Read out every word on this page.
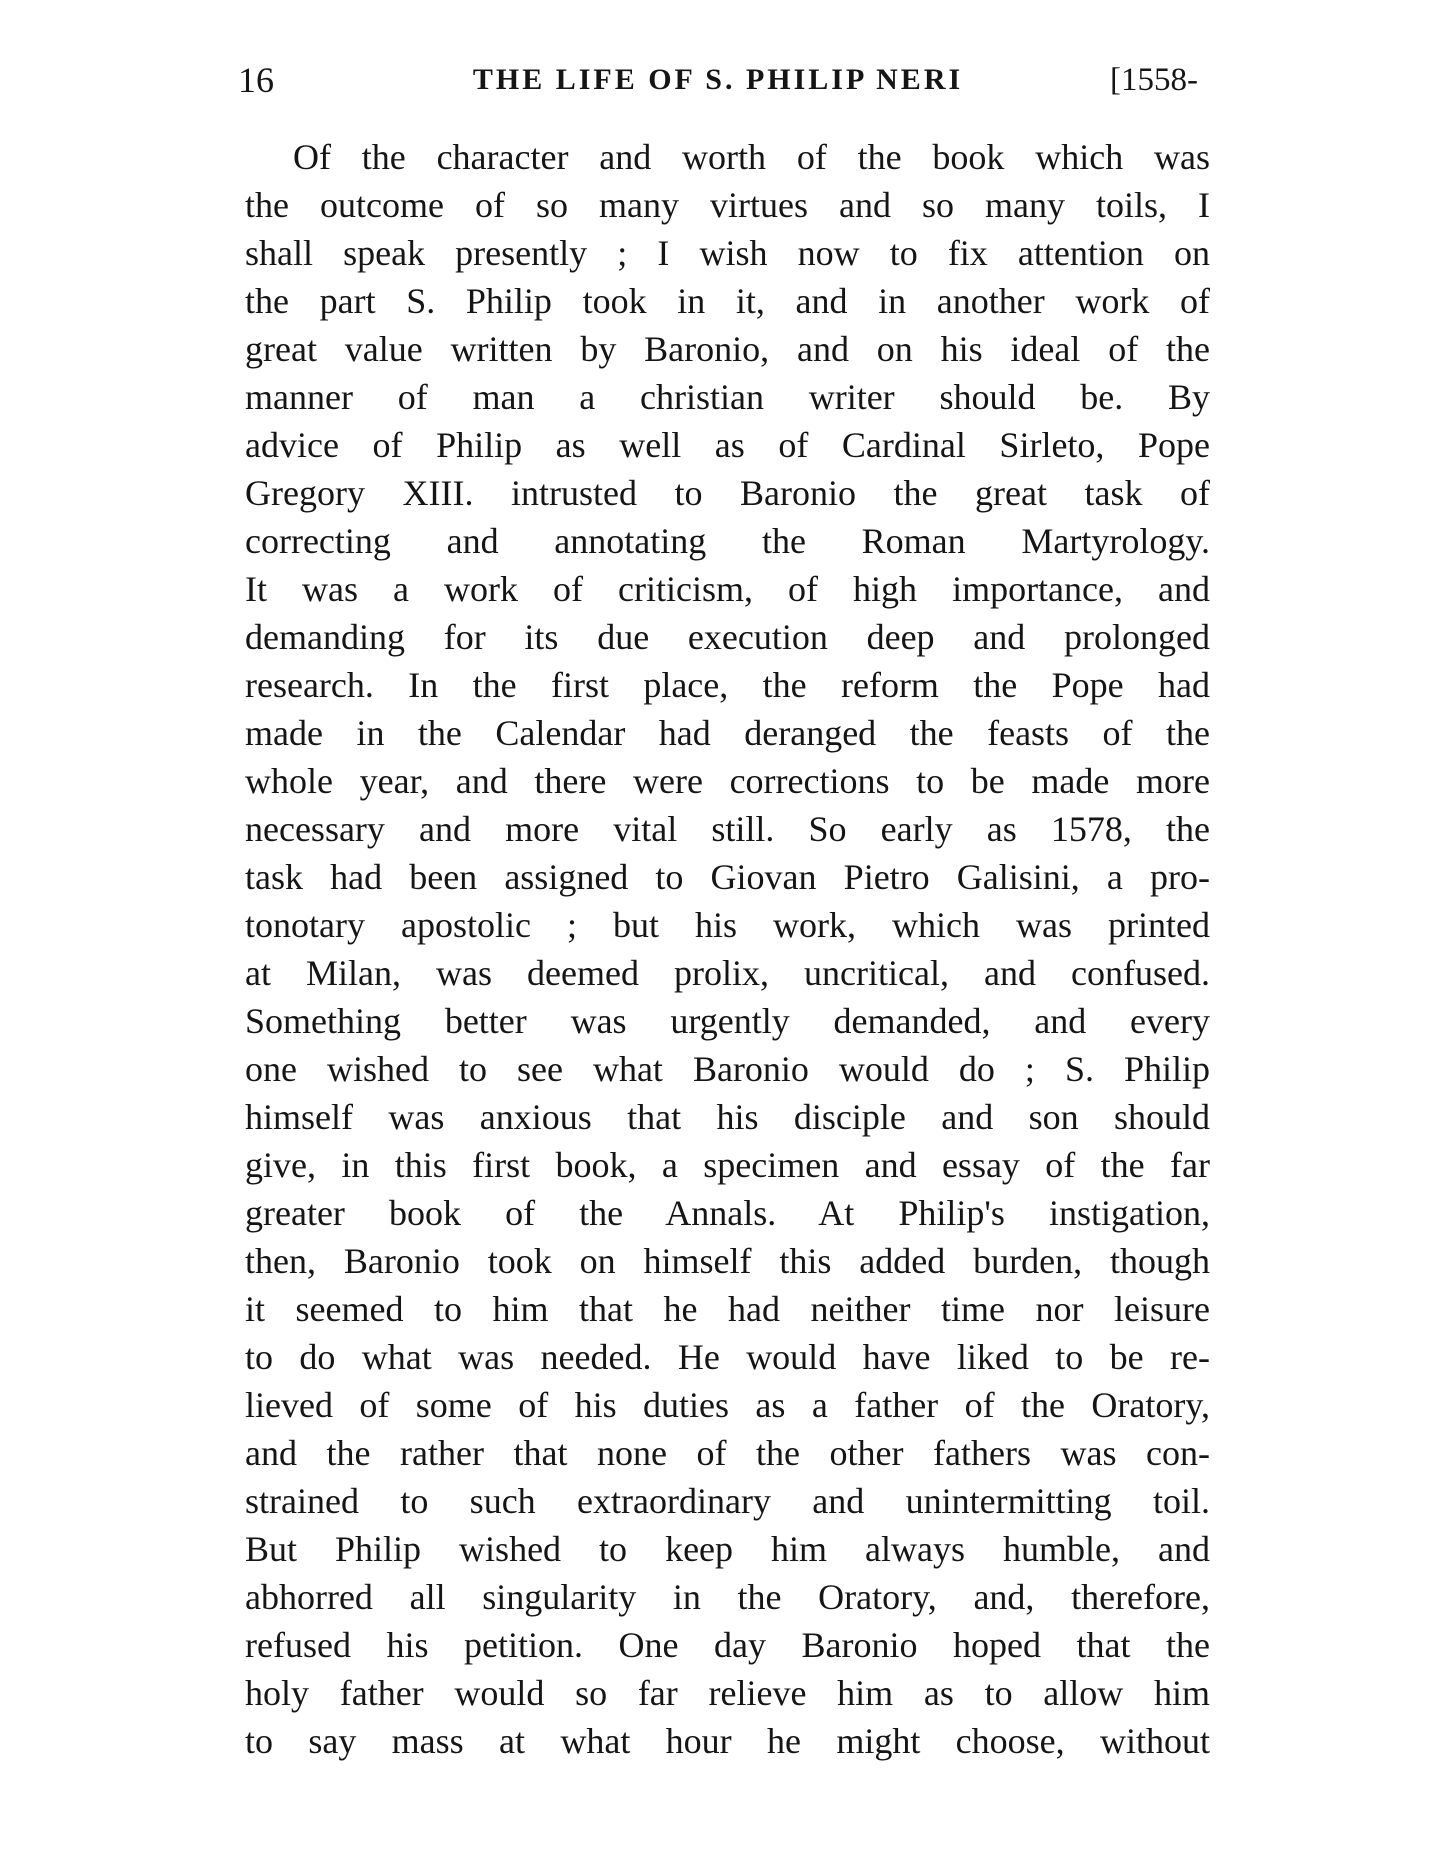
16	THE LIFE OF S. PHILIP NERI	[1558-
Of the character and worth of the book which was
the outcome of so many virtues and so many toils, I
shall speak presently ; I wish now to fix attention on
the part S. Philip took in it, and in another work of
great value written by Baronio, and on his ideal of the
manner of man a christian writer should be. By
advice of Philip as well as of Cardinal Sirleto, Pope
Gregory XIII. intrusted to Baronio the great task of
correcting and annotating the Roman Martyrology.
It was a work of criticism, of high importance, and
demanding for its due execution deep and prolonged
research. In the first place, the reform the Pope had
made in the Calendar had deranged the feasts of the
whole year, and there were corrections to be made more
necessary and more vital still. So early as 1578, the
task had been assigned to Giovan Pietro Galisini, a pro-
tonotary apostolic ; but his work, which was printed
at Milan, was deemed prolix, uncritical, and confused.
Something better was urgently demanded, and every
one wished to see what Baronio would do ; S. Philip
himself was anxious that his disciple and son should
give, in this first book, a specimen and essay of the far
greater book of the Annals. At Philip's instigation,
then, Baronio took on himself this added burden, though
it seemed to him that he had neither time nor leisure
to do what was needed. He would have liked to be re-
lieved of some of his duties as a father of the Oratory,
and the rather that none of the other fathers was con-
strained to such extraordinary and unintermitting toil.
But Philip wished to keep him always humble, and
abhorred all singularity in the Oratory, and, therefore,
refused his petition. One day Baronio hoped that the
holy father would so far relieve him as to allow him
to say mass at what hour he might choose, without
